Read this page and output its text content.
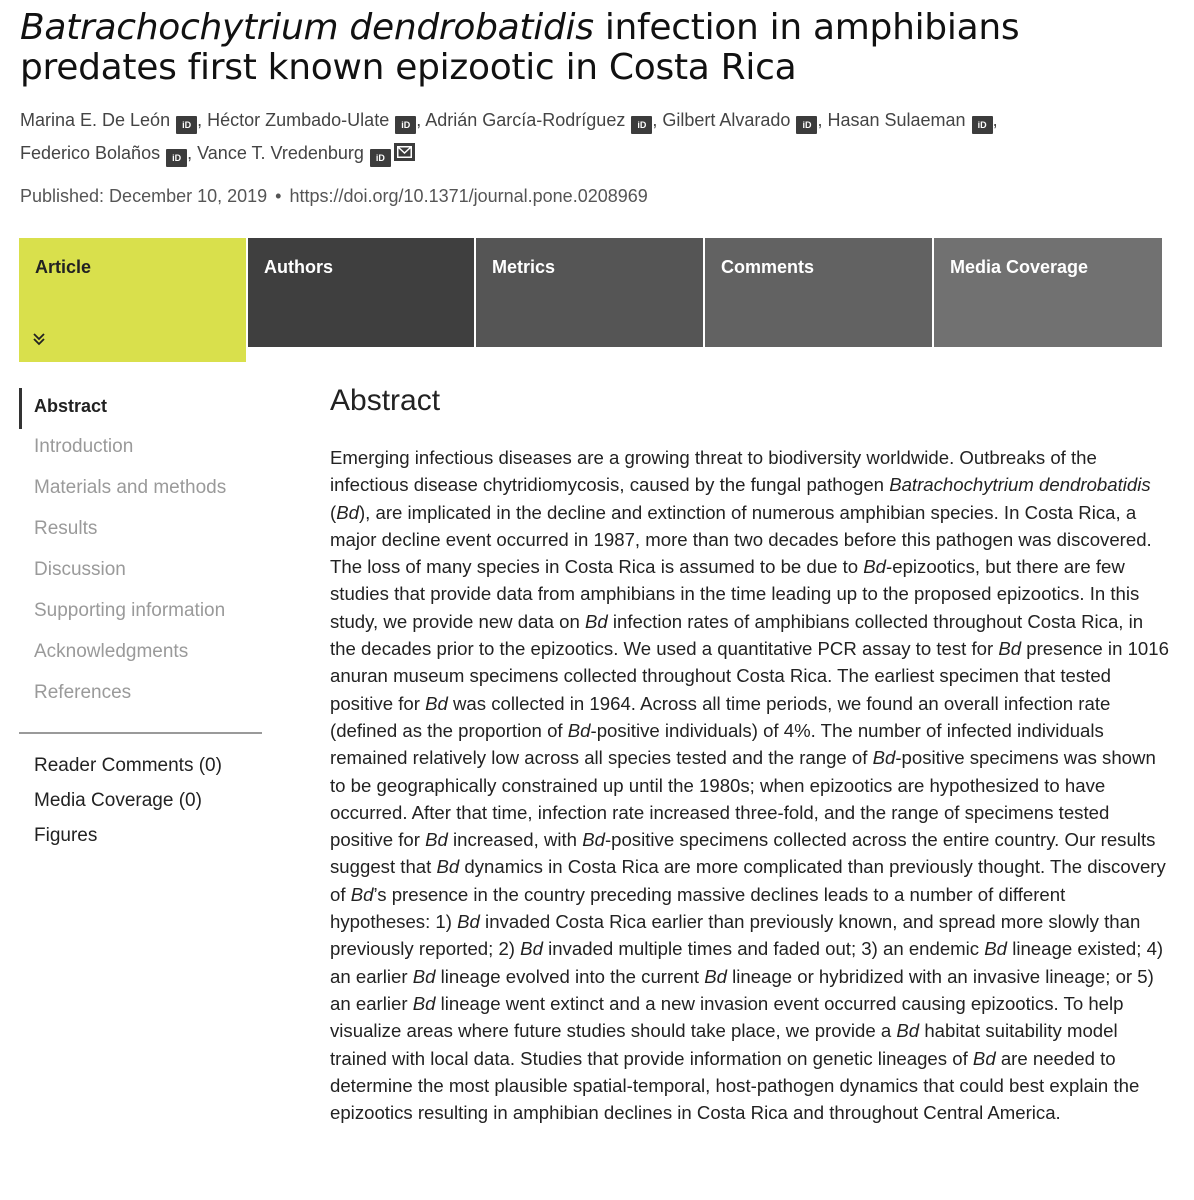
Batrachochytrium dendrobatidis infection in amphibians predates first known epizootic in Costa Rica
Marina E. De León iD , Héctor Zumbado-Ulate iD , Adrián García-Rodríguez iD , Gilbert Alvarado iD , Hasan Sulaeman iD , Federico Bolaños iD , Vance T. Vredenburg iD
Published: December 10, 2019 • https://doi.org/10.1371/journal.pone.0208969
Article	Authors	Metrics	Comments	Media Coverage
Abstract
Introduction
Materials and methods
Results
Discussion
Supporting information
Acknowledgments
References
Reader Comments (0)
Media Coverage (0)
Figures
Abstract

Emerging infectious diseases are a growing threat to biodiversity worldwide. Outbreaks of the infectious disease chytridiomycosis, caused by the fungal pathogen Batrachochytrium dendrobatidis (Bd), are implicated in the decline and extinction of numerous amphibian species. In Costa Rica, a major decline event occurred in 1987, more than two decades before this pathogen was discovered. The loss of many species in Costa Rica is assumed to be due to Bd-epizootics, but there are few studies that provide data from amphibians in the time leading up to the proposed epizootics. In this study, we provide new data on Bd infection rates of amphibians collected throughout Costa Rica, in the decades prior to the epizootics. We used a quantitative PCR assay to test for Bd presence in 1016 anuran museum specimens collected throughout Costa Rica. The earliest specimen that tested positive for Bd was collected in 1964. Across all time periods, we found an overall infection rate (defined as the proportion of Bd-positive individuals) of 4%. The number of infected individuals remained relatively low across all species tested and the range of Bd-positive specimens was shown to be geographically constrained up until the 1980s; when epizootics are hypothesized to have occurred. After that time, infection rate increased three-fold, and the range of specimens tested positive for Bd increased, with Bd-positive specimens collected across the entire country. Our results suggest that Bd dynamics in Costa Rica are more complicated than previously thought. The discovery of Bd’s presence in the country preceding massive declines leads to a number of different hypotheses: 1) Bd invaded Costa Rica earlier than previously known, and spread more slowly than previously reported; 2) Bd invaded multiple times and faded out; 3) an endemic Bd lineage existed; 4) an earlier Bd lineage evolved into the current Bd lineage or hybridized with an invasive lineage; or 5) an earlier Bd lineage went extinct and a new invasion event occurred causing epizootics. To help visualize areas where future studies should take place, we provide a Bd habitat suitability model trained with local data. Studies that provide information on genetic lineages of Bd are needed to determine the most plausible spatial-temporal, host-pathogen dynamics that could best explain the epizootics resulting in amphibian declines in Costa Rica and throughout Central America.
